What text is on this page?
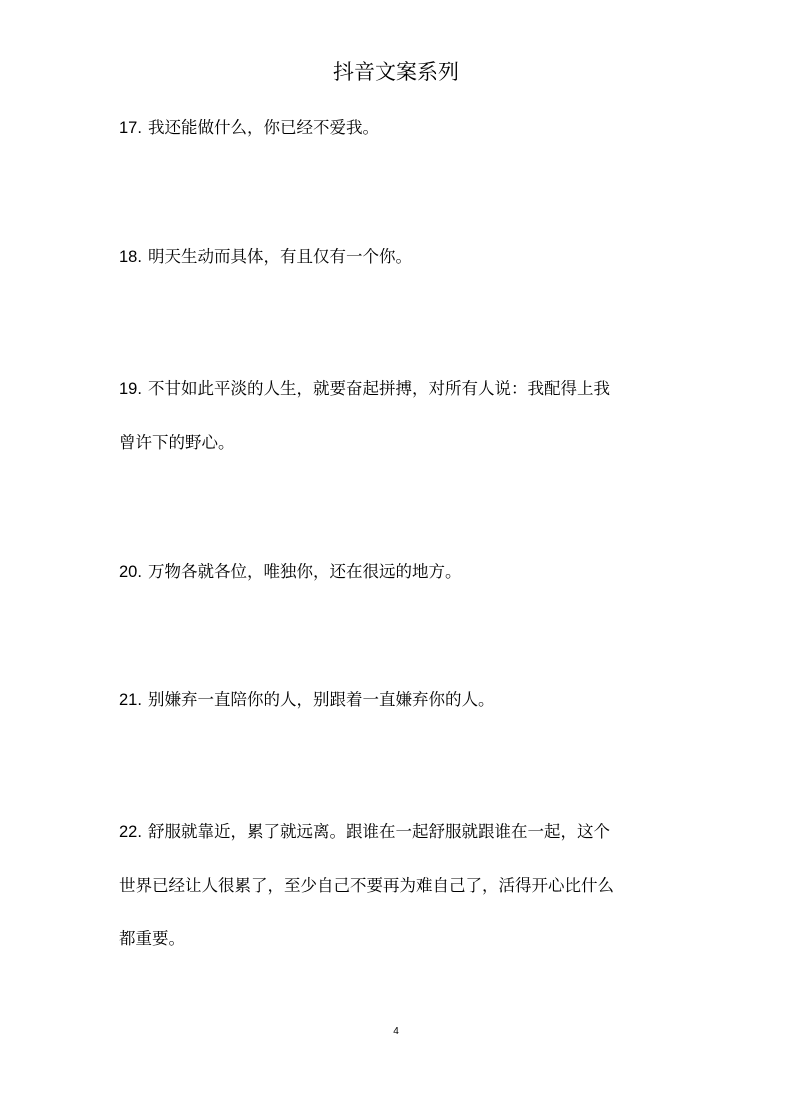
抖音文案系列
17. 我还能做什么，你已经不爱我。
18. 明天生动而具体，有且仅有一个你。
19. 不甘如此平淡的人生，就要奋起拼搏，对所有人说：我配得上我
曾许下的野心。
20. 万物各就各位，唯独你，还在很远的地方。
21. 别嫌弃一直陪你的人，别跟着一直嫌弃你的人。
22. 舒服就靠近，累了就远离。跟谁在一起舒服就跟谁在一起，这个
世界已经让人很累了，至少自己不要再为难自己了，活得开心比什么
都重要。
4
